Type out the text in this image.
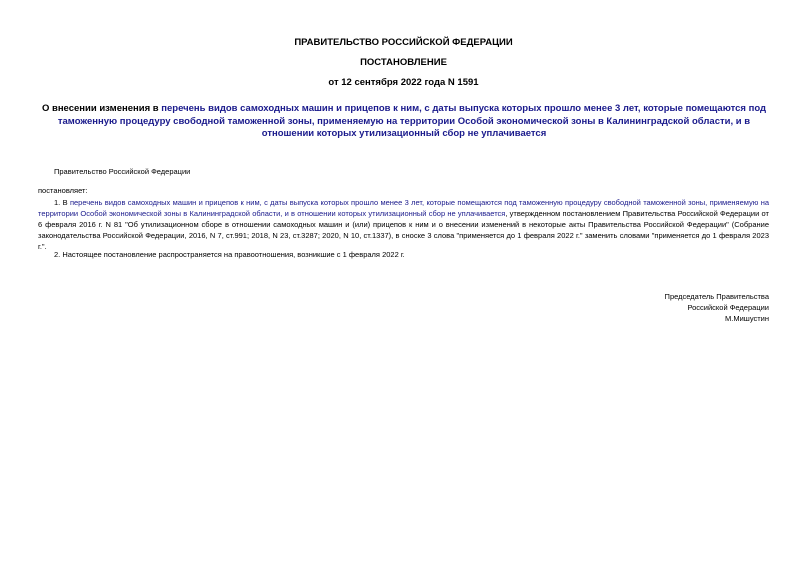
ПРАВИТЕЛЬСТВО РОССИЙСКОЙ ФЕДЕРАЦИИ
ПОСТАНОВЛЕНИЕ
от 12 сентября 2022 года N 1591
О внесении изменения в перечень видов самоходных машин и прицепов к ним, с даты выпуска которых прошло менее 3 лет, которые помещаются под таможенную процедуру свободной таможенной зоны, применяемую на территории Особой экономической зоны в Калининградской области, и в отношении которых утилизационный сбор не уплачивается
Правительство Российской Федерации
постановляет:
1. В перечень видов самоходных машин и прицепов к ним, с даты выпуска которых прошло менее 3 лет, которые помещаются под таможенную процедуру свободной таможенной зоны, применяемую на территории Особой экономической зоны в Калининградской области, и в отношении которых утилизационный сбор не уплачивается, утвержденном постановлением Правительства Российской Федерации от 6 февраля 2016 г. N 81 "Об утилизационном сборе в отношении самоходных машин и (или) прицепов к ним и о внесении изменений в некоторые акты Правительства Российской Федерации" (Собрание законодательства Российской Федерации, 2016, N 7, ст.991; 2018, N 23, ст.3287; 2020, N 10, ст.1337), в сноске 3 слова "применяется до 1 февраля 2022 г." заменить словами "применяется до 1 февраля 2023 г.".
2. Настоящее постановление распространяется на правоотношения, возникшие с 1 февраля 2022 г.
Председатель Правительства
Российской Федерации
М.Мишустин
